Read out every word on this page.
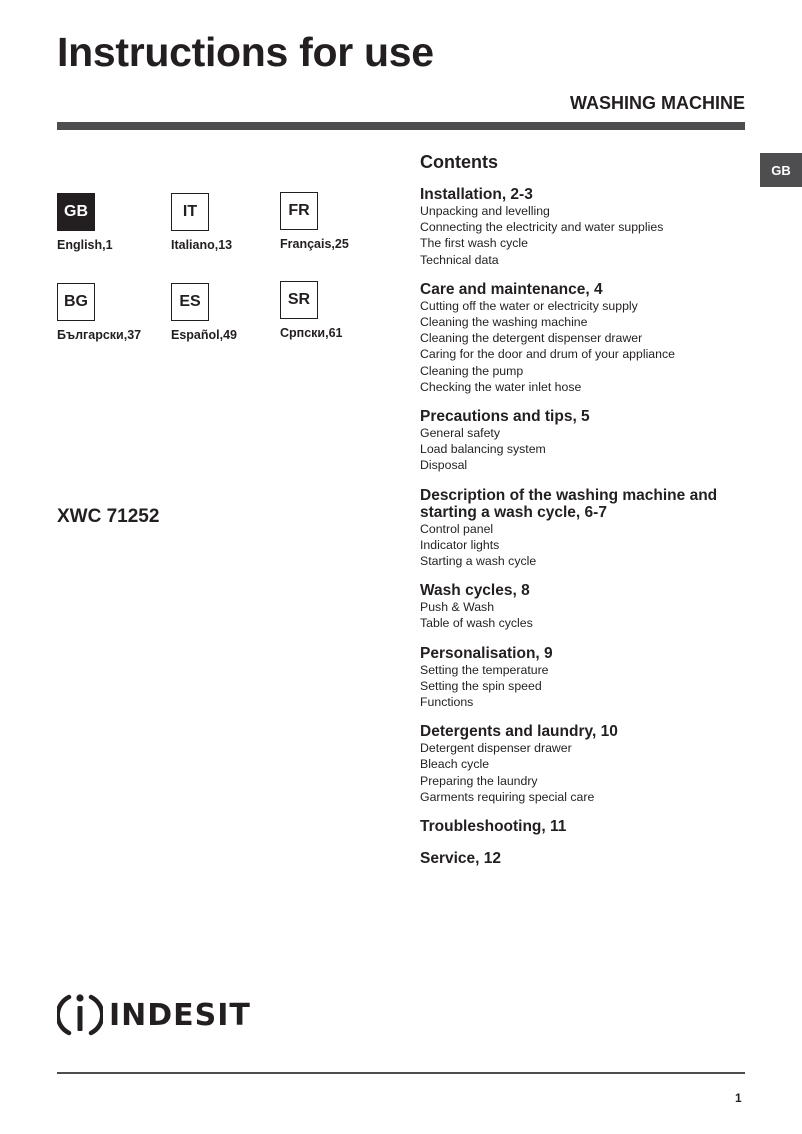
Instructions for use
WASHING MACHINE
GB
GB
English,1
IT
Italiano,13
FR
Français,25
BG
Български,37
ES
Español,49
SR
Српски,61
XWC 71252
Contents
Installation, 2-3
Unpacking and levelling
Connecting the electricity and water supplies
The first wash cycle
Technical data
Care and maintenance, 4
Cutting off the water or electricity supply
Cleaning the washing machine
Cleaning the detergent dispenser drawer
Caring for the door and drum of your appliance
Cleaning the pump
Checking the water inlet hose
Precautions and tips, 5
General safety
Load balancing system
Disposal
Description of the washing machine and starting a wash cycle, 6-7
Control panel
Indicator lights
Starting a wash cycle
Wash cycles, 8
Push & Wash
Table of wash cycles
Personalisation, 9
Setting the temperature
Setting the spin speed
Functions
Detergents and laundry, 10
Detergent dispenser drawer
Bleach cycle
Preparing the laundry
Garments requiring special care
Troubleshooting, 11
Service, 12
INDESIT
1
